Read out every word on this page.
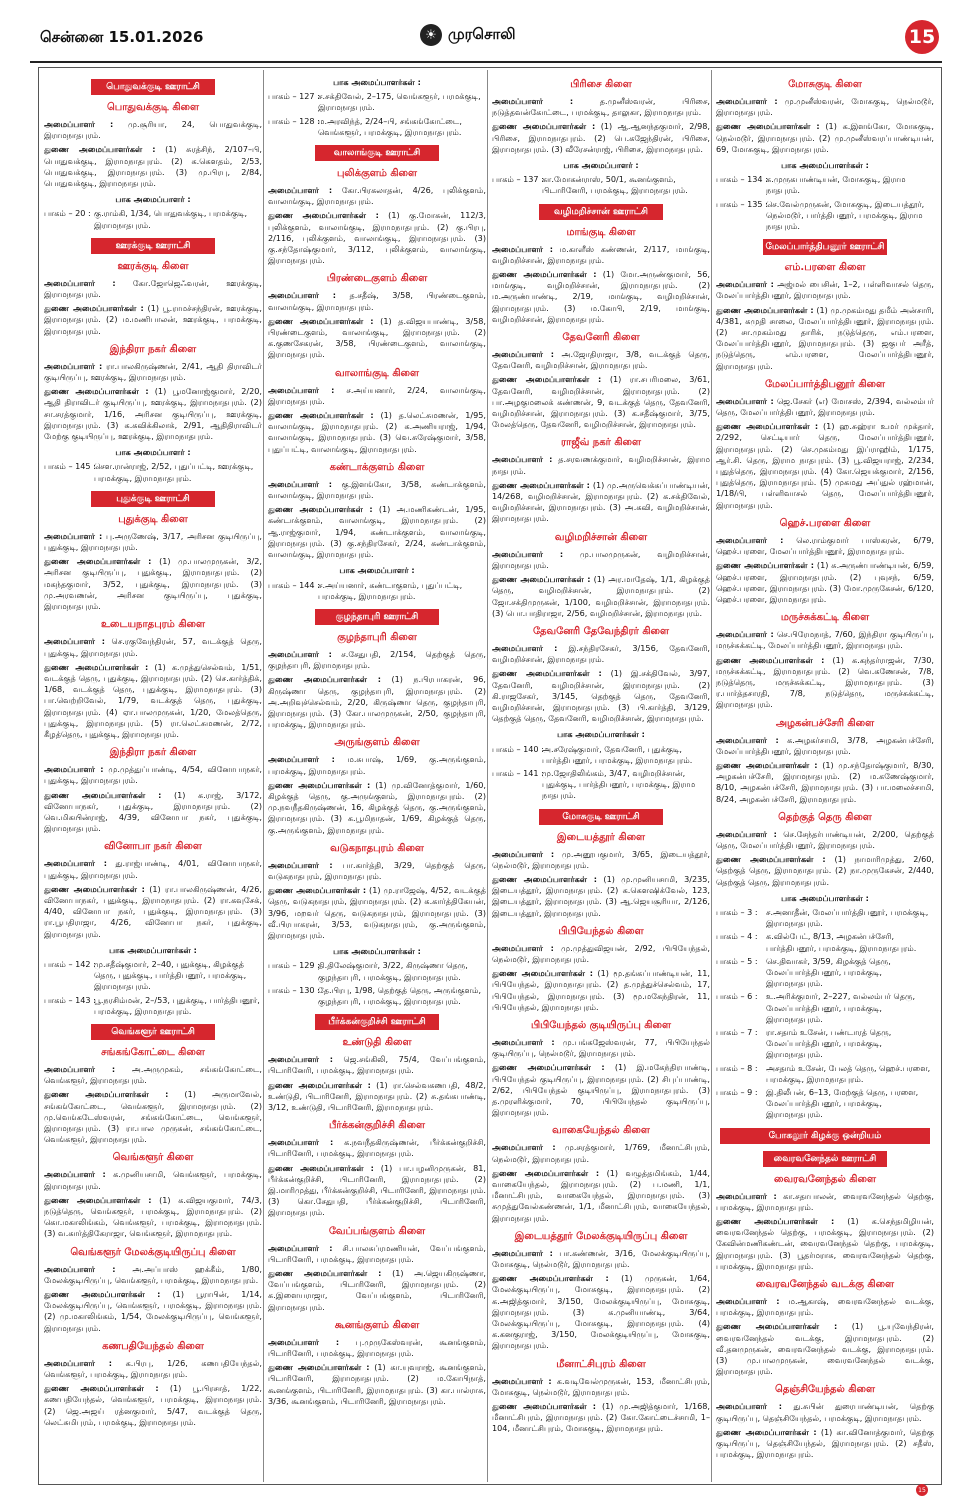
சென்னை 15.01.2026	☀ முரசொலி	15
பொதுவக்குடி ஊராட்சி
பொதுவக்குடி கிளை
அமைப்பாளர் : மு.சூரியா, 24, பொதுவக்குடி, இராமநாதபுரம்.
துணை அமைப்பாளர்கள் : (1) சுரத்சிந், 2/107–பி, பொதுவக்குடி, இராமநாதபுரம். (2) க.கௌதம், 2/53, பொதுவக்குடி, இராமநாதபுரம். (3) மு.பிரபு, 2/84, பொதுவக்குடி, இராமநாதபுரம்.
பாக அமைப்பாளர் :
பாகம் – 20 : கு.ராம்கி, 1/34, பொதுவக்குடி, பரமக்குடி, இராமநாதபுரம்.
ஊரக்குடி ஊராட்சி
ஊரக்குடி கிளை
அமைப்பாளர் : கோ.ஜோஜெஃவரன், ஊரக்குடி, இராமநாதபுரம்.
துணை அமைப்பாளர்கள் : (1) பூ.ராமச்சந்திரன், ஊரக்குடி, இராமநாதபுரம். (2) ம.மணிபாலன், ஊரக்குடி, பரமக்குடி, இராமநாதபுரம்.
இந்திரா நகர் கிளை
அமைப்பாளர் : ரா.பாலகிருஷ்ணன், 2/41, ஆதி திராவிடர் குடியிருப்பு, ஊரக்குடி, இராமநாதபுரம்.
துணை அமைப்பாளர்கள் : (1) பூமனோஜ்குமார், 2/20, ஆதி திராவிடர் குடியிருப்பு, ஊரக்குடி, இராமநாதபுரம். (2) சா.சரத்குமார், 1/16, அரிசன குடியிருப்பு, ஊரக்குடி, இராமநாதபுரம். (3) க.கவிக்கிலாக், 2/91, ஆதிதிராவிடர் மேற்கு குடியிருப்பு, ஊரக்குடி, இராமநாதபுரம்.
பாக அமைப்பாளர் :
பாகம் – 145 :
சௌ.ரான்ராஜ், 2/52, புதுப்பட்டி, ஊரக்குடி, பரமக்குடி, இராமநாதபுரம்.
புதுக்குடி ஊராட்சி
புதுக்குடி கிளை
அமைப்பாளர் : பு.அருணேஷ், 3/17, அரிசன குடியிருப்பு, புதுக்குடி, இராமநாதபுரம்.
துணை அமைப்பாளர்கள் : (1) மு.பாலமுருகன், 3/2, அரிசன குடியிருப்பு, புதுக்குடி, இராமநாதபுரம். (2) மகந்தகுமார், 3/52, புதுக்குடி, இராமநாதபுரம். (3) மு.அரவணன், அரிசன குடியிருப்பு, புதுக்குடி, இராமநாதபுரம்.
உடையநாதபுரம் கிளை
அமைப்பாளர் : செ.ரகுவேந்திரன், 57, வடக்குத் தெரு, புதுக்குடி, இராமநாதபுரம்.
துணை அமைப்பாளர்கள் : (1) க.முத்துசெல்வம், 1/51, வடக்குத் தெரு, புதுக்குடி, இராமநாதபுரம். (2) செ.கார்த்திக், 1/68, வடக்குத் தெரு, புதுக்குடி, இராமநாதபுரம். (3) பா.வெற்றிவேல், 1/79, வடக்குத் தெரு, புதுக்குடி, இராமநாதபுரம். (4) ஏா.பாலமுருகன், 1/20, மேலத்தெரு, புதுக்குடி, இராமநாதபுரம். (5) ரா.லெட்சுமணன், 2/72, கீழத்தெரு, புதுக்குடி, இராமநாதபுரம்.
இந்திரா நகர் கிளை
அமைப்பாளர் : மு.முத்துப்பாண்டி, 4/54, வினோபாநகர், புதுக்குடி, இராமநாதபுரம்.
துணை அமைப்பாளர்கள் : (1) க.ராஜ், 3/172, வினோபாநகர், புதுக்குடி, இராமநாதபுரம். (2) வெ.மிகயின்ராஜ், 4/39, வினோபா நகர், புதுக்குடி, இராமநாதபுரம்.
வினோபா நகர் கிளை
அமைப்பாளர் : து.ராஜ்பாண்டி, 4/01, வினோபாநகர், புதுக்குடி, இராமநாதபுரம்.
துணை அமைப்பாளர்கள் : (1) ரா.பாலகிருஷ்ணன், 4/26, வினோபாநகர், புதுக்குடி, இராமநாதபுரம். (2) ரா.கவுசேக், 4/40, வினோபா நகர், புதுக்குடி, இராமநாதபுரம். (3) ரா.பூபதிராஜா, 4/26, வினோபா நகர், புதுக்குடி, இராமநாதபுரம்.
பாக அமைப்பாளர்கள் :
பாகம் – 142 :
மு.சதீஷ்குமார், 2–40, புதுக்குடி, கிழக்குத் தெரு, புதுக்குடி, பார்த்திபனூர், பரமக்குடி, இராமநாதபுரம்.
பாகம் – 143 :
பூ.நரசிம்மன், 2–/53, புதுக்குடி, பார்த்திபனூர், பரமக்குடி, இராமநாதபுரம்.
வெங்களூர் ஊராட்சி
சங்கங்கோட்டை கிளை
அமைப்பாளர் : அ.அருமுகம், சங்கங்கோட்டை, வெங்களூர், இராமநாதபுரம்.
துணை அமைப்பாளர்கள் : (1) அருமாவேல், சங்கங்கோட்டை, வெங்களூர், இராமநாதபுரம். (2) மு.வெங்கடேஸ்வரன், சங்கங்கோட்டை, வெங்களூர், இராமநாதபுரம். (3) ரா.பால முருகன், சங்கங்கோட்டை, வெங்களூர், இராமநாதபுரம்.
வெங்களூர் கிளை
அமைப்பாளர் : க.முனியசாமி, வெங்களூர், பரமக்குடி, இராமநாதபுரம்.
துணை அமைப்பாளர்கள் : (1) க.விஜயகுமார், 74/3, நடுத்தெரு, வெங்களூர், பரமக்குடி, இராமநாதபுரம். (2) கொ.மகாலிங்கம், வெங்களூர், பரமக்குடி, இராமநாதபுரம். (3) வ.கார்த்திகேராஜா, வெங்களூர், இராமநாதபுரம்.
வெங்களூர் மேலக்குடியிருப்பு கிளை
அமைப்பாளர் : அ.அப்பாஸ் ஹக்கீம், 1/80, மேலக்குடியிருப்பு, வெங்களூர், பரமக்குடி, இராமநாதபுரம்.
துணை அமைப்பாளர்கள் : (1) பூராபின், 1/14, மேலக்குடியிருப்பு, வெங்களூர், பரமக்குடி, இராமநாதபுரம். (2) மு.மகாலிங்கம், 1/54, மேலக்குடியிருப்பு, வெங்களூர், இராமநாதபுரம்.
கணபதியேந்தல் கிளை
அமைப்பாளர் : க.பிரபு, 1/26, கணபதியேந்தல், வெங்களூர், பரமக்குடி, இராமநாதபுரம்.
துணை அமைப்பாளர்கள் : (1) பூ.பிரசாத், 1/22, கணபதியேந்தல், வெங்களூர், பரமக்குடி, இராமநாதபுரம். (2) ஜெ.அஜய் ரத்னகுமார், 5/47, வடக்குத் தெரு, லெட்சுமிபுரம், பரமக்குடி, இராமநாதபுரம்.
பாக அமைப்பாளர்கள் :
பாகம் – 127 :
ச.சக்திவேல், 2–175, வெங்களூர், பரமக்குடி, இராமநாதபுரம்.
பாகம் – 128 :
ம.அரவிந்த், 2/24–பி, சங்கங்கோட்டை, வெங்களூர், பரமக்குடி, இராமநாதபுரம்.
வாலாங்குடி ஊராட்சி
புலிக்குளம் கிளை
அமைப்பாளர் : கோ.பிரகலாதன், 4/26, புலிக்குளம், வாலாங்குடி, இராமநாதபுரம்.
துணை அமைப்பாளர்கள் : (1) கு.மோகன், 112/3, புலிக்குளம், வாலாங்குடி, இராமநாதபுரம். (2) கு.பிரபு, 2/116, புலிக்குளம், வாலாங்குடி, இராமநாதபுரம். (3) கு.சந்தோஷ்குமார், 3/112, புலிக்குளம், வாலாங்குடி, இராமநாதபுரம்.
பிரண்டைகுளம் கிளை
அமைப்பாளர் : த.சதீஷ், 3/58, பிரண்டைகுளம், வாலாங்குடி, இராமநாதபுரம்.
துணை அமைப்பாளர்கள் : (1) த.விஜயபாண்டி, 3/58, பிரண்டைகுளம், வாலாங்குடி, இராமநாதபுரம். (2) க.குணசேகரன், 3/58, பிரண்டைகுளம், வாலாங்குடி, இராமநாதபுரம்.
வாலாங்குடி கிளை
அமைப்பாளர் : ச.அய்யனார், 2/24, வாலாங்குடி, இராமநாதபுரம்.
துணை அமைப்பாளர்கள் : (1) த.லெட்சுமணன், 1/95, வாலாங்குடி, இராமநாதபுரம். (2) க.அணியராஜ், 1/94, வாலாங்குடி, இராமநாதபுரம். (3) வெ.சுரேஷ்குமார், 3/58, புதுப்பட்டி, வாலாங்குடி, இராமநாதபுரம்.
கண்டாக்குளம் கிளை
அமைப்பாளர் : கு.இளங்கோ, 3/58, கண்டாக்குளம், வாலாங்குடி, இராமநாதபுரம்.
துணை அமைப்பாளர்கள் : (1) அ.மணிகண்டன், 1/95, கண்டாக்குளம், வாலாங்குடி, இராமநாதபுரம். (2) ஆ.ராஜ்குமார், 1/94, கண்டாக்குளம், வாலாங்குடி, இராமநாதபுரம். (3) கு.சந்திரசேகர், 2/24, கண்டாக்குளம், வாலாங்குடி, இராமநாதபுரம்.
பாக அமைப்பாளர் :
பாகம் – 144 :
ச.அய்யனார், கண்டாகுளம், புதுப்பட்டி, பரமக்குடி, இராமநாதபுரம்.
குழந்தாபுரி ஊராட்சி
குழந்தாபுரி கிளை
அமைப்பாளர் : ச.சேதுபதி, 2/154, தெற்குத் தெரு, குழந்தாபுரி, இராமநாதபுரம்.
துணை அமைப்பாளர்கள் : (1) ந.பிரபாகரன், 96, கிருஷ்ணா தெரு, குழந்தாபுரி, இராமநாதபுரம். (2) அ.அறிவுச்செல்வம், 2/20, கிருஷ்ணா தெரு, குழந்தாபுரி, இராமநாதபுரம். (3) கோ.பாலமுருகன், 2/50, குழந்தாபுரி, பரமக்குடி, இராமநாதபுரம்.
அருங்குளம் கிளை
அமைப்பாளர் : ம.சுபாஷ், 1/69, கு.அருங்குளம், பரமக்குடி, இராமநாதபுரம்.
துணை அமைப்பாளர்கள் : (1) மு.வினோத்குமார், 1/60, கிழக்குத் தெரு, கு.அருங்குளம், இராமநாதபுரம். (2) மு.நவநீதகிருஷ்ணன், 16, கிழக்குத் தெரு, கு.அருங்குளம், இராமநாதபுரம். (3) க.பூமிநாதன், 1/69, கிழக்குத் தெரு, கு.அருங்குளம், இராமநாதபுரம்.
வடுகநாதபுரம் கிளை
அமைப்பாளர் : பா.கார்த்தி, 3/29, தெற்குத் தெரு, வடுகநாதபுரம், இராமநாதபுரம்.
துணை அமைப்பாளர்கள் : (1) மு.ராஜேஷ், 4/52, வடக்குத் தெரு, வடுகநாதபுரம், இராமநாதபுரம். (2) க.கார்த்திகேயன், 3/96, மறவர் தெரு, வடுகநாதபுரம், இராமநாதபுரம். (3) வீ.பிரபாகரன், 3/53, வடுகநாதபுரம், கு.அருங்குளம், இராமநாதபுரம்.
பாக அமைப்பாளர்கள் :
பாகம் – 129 :
தி.திலேஷ்குமார், 3/22, கிருஷ்ணா தெரு, குழந்தாபுரி, பரமக்குடி, இராமநாதபுரம்.
பாகம் – 130 :
தே.பிரபு, 1/98, தெற்குத் தெரு, அருங்குளம், குழந்தாபுரி, பரமக்குடி, இராமநாதபுரம்.
பீர்க்கன்குறிச்சி ஊராட்சி
உண்டுதி கிளை
அமைப்பாளர் : ஜெ.சங்கிலி, 75/4, வேப்பங்குளம், பிடாரினேரி, பரமக்குடி, இராமநாதபுரம்.
துணை அமைப்பாளர்கள் : (1) ரா.செல்வகணபதி, 48/2, உண்டுதி, பிடாரினேரி, இராமநாதபுரம். (2) சு.தங்கபாண்டி, 3/12, உண்டுதி, பிடாரினேரி, இராமநாதபுரம்.
பீர்க்கன்குறிச்சி கிளை
அமைப்பாளர் : க.நவநீதகிருஷ்ணன், பீர்க்கன்குறிச்சி, பிடாரினேரி, பரமக்குடி, இராமநாதபுரம்.
துணை அமைப்பாளர்கள் : (1) பா.பழனிமுருகன், 81, பீர்க்கன்குறிச்சி, பிடாரினேரி, இராமநாதபுரம். (2) இ.மாரிமுத்து, பீர்க்கன்குறிச்சி, பிடாரினேரி, இராமநாதபுரம். (3) கொ.சேதுபதி, பீர்க்கன்குறிச்சி, பிடாரினேரி, இராமநாதபுரம்.
வேப்பங்குளம் கிளை
அமைப்பாளர் : சி.பாலசுப்ரமணியன், வேப்பங்குளம், பிடாரினேரி, பரமக்குடி, இராமநாதபுரம்.
துணை அமைப்பாளர்கள் : (1) அ.ஜெயகிருஷ்ணா, வேப்பங்குளம், பிடாரினேரி, இராமநாதபுரம். (2) க.இளையராஜா, வேப்பங்குளம், பிடாரினேரி, இராமநாதபுரம்.
கூனங்குளம் கிளை
அமைப்பாளர் : பு.முருகேஸ்வரன், கூனங்குளம், பிடாரினேரி, பரமக்குடி, இராமநாதபுரம்.
துணை அமைப்பாளர்கள் : (1) கா.யுவராஜ், கூனங்குளம், பிடாரினேரி, இராமநாதபுரம். (2) ம.கோபிநாத், கூனங்குளம், பிடாரினேரி, இராமநாதபுரம். (3) கா.பால்ராசு, 3/36, கூனங்குளம், பிடாரினேரி, இராமநாதபுரம்.
பிரிசை கிளை
அமைப்பாளர் :	த.முனீஸ்வரன், பிரிசை, நடுத்தவன்கோட்டை, பரமக்குடி, தாலுகா, இராமநாதபுரம்.
துணை அமைப்பாளர்கள் : (1) ஆ.ஆனந்தகுமார், 2/98, பிரிசை, இராமநாதபுரம். (2) பெ.கஜேந்திரன், பிரிசை, இராமநாதபுரம். (3) வீரேசன்ராஜ், பிரிசை, இராமநாதபுரம்.
பாக அமைப்பாளர் :
பாகம் – 137 :
கா.மோகன்ராஸ், 50/1, கூனங்குளம், பிடாரினேரி, பரமக்குடி, இராமநாதபுரம்.
வழிமறிச்சான் ஊராட்சி
மாங்குடி கிளை
அமைப்பாளர் : ம.காளீஸ் கண்ணன், 2/117, மாங்குடி, வழிமறிச்சான், இராமநாதபுரம்.
துணை அமைப்பாளர்கள் : (1) மோ.அருண்குமார், 56, மாங்குடி, வழிமறிச்சான், இராமநாதபுரம். (2) ம.அருண்பாண்டி, 2/19, மாங்குடி, வழிமறிச்சான், இராமநாதபுரம். (3) ம.கோபி, 2/19, மாங்குடி, வழிமறிச்சான், இராமநாதபுரம்.
தேவனேரி கிளை
அமைப்பாளர் : அ.ஜோதிராஜா, 3/8, வடக்குத் தெரு, தேவனேரி, வழிமறிச்சான், இராமநாதபுரம்.
துணை அமைப்பாளர்கள் : (1) ரா.சபரிமலை, 3/61, தேவனேரி, வழிமறிச்சான், இராமநாதபுரம். (2) பா.அழகுமலைக் கண்ணன், 9, வடக்குத் தெரு, தேவனேரி, வழிமறிச்சான், இராமநாதபுரம். (3) க.சதீஷ்குமார், 3/75, மேலத்தெரு, தேவனேரி, வழிமறிச்சான், இராமநாதபுரம்.
ராஜீவ் நகர் கிளை
அமைப்பாளர் : த.சரவணக்குமார், வழிமறிச்சான், இராம நாதபுரம்.
துணை அமைப்பாளர்கள் : (1) மு.அருவெக்கப்பாண்டியன், 14/268, வழிமறிச்சான், இராமநாதபுரம். (2) க.சக்திவேல், வழிமறிச்சான், இராமநாதபுரம். (3) அ.கவி, வழிமறிச்சான், இராமநாதபுரம்.
வழிமறிச்சான் கிளை
அமைப்பாளர் : மு.பாலமுருகன், வழிமறிச்சான், இராமநாதபுரம்.
துணை அமைப்பாளர்கள் : (1) அர.மாதேஷ், 1/1, கிழக்குத் தெரு, வழிமறிச்சான், இராமநாதபுரம். (2) ஜோ.சக்திமுருகன், 1/100, வழிமறிச்சான், இராமநாதபுரம். (3) பொ.பாதிராஜா, 2/56, வழிமறிச்சான், இராமநாதபுரம்.
தேவனேரி தேவேந்திரர் கிளை
அமைப்பாளர் : இ.சந்திரசேகர், 3/156, தேவனேரி, வழிமறிச்சான், இராமநாதபுரம்.
துணை அமைப்பாளர்கள் : (1) இ.சக்திவேல், 3/97, தேவனேரி, வழிமறிச்சான், இராமநாதபுரம். (2) கி.ராஜசேகர், 3/145, தெற்குத் தெரு, தேவனேரி, வழிமறிச்சான், இராமநாதபுரம். (3) பி.கார்த்தி, 3/129, தெற்குத் தெரு, தேவனேரி, வழிமறிச்சான், இராமநாதபுரம்.
பாக அமைப்பாளர்கள் :
பாகம் – 140 :
அ.சரேஷ்குமார், தேவனேரி, புதுக்குடி, பார்த்திபனூர், பரமக்குடி, இராமநாதபுரம்.
பாகம் – 141 :
மு.ஜோதிலிங்கம், 3/47, வழிமறிச்சான், புதுக்குடி, பார்த்திபனூர், பரமக்குடி, இராம நாதபுரம்.
மோசுகுடி ஊராட்சி
இடையத்தூர் கிளை
அமைப்பாளர் : மு.அனூபகுமார், 3/65, இடையத்தூர், நெல்மடூர், இராமநாதபுரம்.
துணை அமைப்பாளர்கள் : (1) மு.முனியசாமி, 3/235, இடையத்தூர், இராமநாதபுரம். (2) க.கௌஷிக்வேல், 123, இடையத்தூர், இராமநாதபுரம். (3) ஆ.ஜெயசூரியா, 2/126, இடையத்தூர், இராமநாதபுரம்.
பிபியேந்தல் கிளை
அமைப்பாளர் : மு.முத்துவிஜயன், 2/92, பிபியேந்தல், நெல்மடூர், இராமநாதபுரம்.
துணை அமைப்பாளர்கள் : (1) மூ.தங்கப்பாண்டியன், 11, பிபியேந்தல், இராமநாதபுரம். (2) த.முத்துச்செல்வம், 17, பிபியேந்தல், இராமநாதபுரம். (3) மூ.மகேந்திரன், 11, பிபியேந்தல், இராமநாதபுரம்.
பிபியேந்தல் குடியிருப்பு கிளை
அமைப்பாளர் : மு.பங்கஜேஸ்வரன், 77, பிபியேந்தல் குடியிருப்பு, நெல்மடூர், இராமநாதபுரம்.
துணை அமைப்பாளர்கள் : (1) இ.மகேந்திரபாண்டி, பிபியேந்தல் குடியிருப்பு, இராமநாதபுரம். (2) சிபுப்பாண்டி, 2/62, பிபியேந்தல் குடியிருப்பு, இராமநாதபுரம். (3) த.முரளிக்குமார், 70, பிபியேந்தல் குடியிருப்பு, இராமநாதபுரம்.
வாகையேந்தல் கிளை
அமைப்பாளர் : மு.சரத்குமார், 1/769, மீனாட்சிபுரம், நெல்மடூர், இராமநாதபுரம்.
துணை அமைப்பாளர்கள் : (1) வழுத்தமிங்கம், 1/44, வாகையேந்தல், இராமநாதபுரம். (2) ப.மணி, 1/1, மீனாட்சிபுரம், வாகையேந்தல், இராமநாதபுரம். (3) சுமுத்துவேல்கண்ணன், 1/1, மீனாட்சிபுரம், வாகையேந்தல், இராமநாதபுரம்.
இடையத்தூர் மேலக்குடியிருப்பு கிளை
அமைப்பாளர் : பா.கண்ணன், 3/16, மேலக்குடியிருப்பு, மோசுகுடி, நெல்மடூர், இராமநாதபுரம்.
துணை அமைப்பாளர்கள் : (1) முருகன், 1/64, மேலக்குடியிருப்பு, மோசுகுடி, இராமநாதபுரம். (2) க.அஜித்குமார், 3/150, மேலக்குடியிருப்பு, மோசுகுடி, இராமநாதபுரம். (3) க.முனியாண்டி, 3/64, மேலக்குடியிருப்பு, மோசுகுடி, இராமநாதபுரம். (4) க.கனகுராஜ், 3/150, மேலக்குடியிருப்பு, மோசுகுடி, இராமநாதபுரம்.
மீனாட்சிபுரம் கிளை
அமைப்பாளர் : க.வடிவேல்முருகன், 153, மீனாட்சிபுரம், மோசுகுடி, நெல்மடூர், இராமநாதபுரம்.
துணை அமைப்பாளர்கள் : (1) மு.அஜித்குமார், 1/168, மீனாட்சிபுரம், இராமநாதபுரம். (2) கோ.கோட்டைச்சாமி, 1–104, மீனாட்சிபுரம், மோசுகுடி, இராமநாதபுரம்.
மோசுகுடி கிளை
அமைப்பாளர் : மு.முனீஸ்வரன், மோசுகுடி, நெல்மடூர், இராமநாதபுரம்.
துணை அமைப்பாளர்கள் : (1) க.இளங்கோ, மோசுகுடி, நெல்மடூர், இராமநாதபுரம். (2) மு.முனீஸ்வரப்பாண்டியன், 69, மோசுகுடி, இராமநாதபுரம்.
பாக அமைப்பாளர்கள் :
பாகம் – 134 :
க.முருகபாண்டியன், மோசுகுடி, இராம நாதபுரம்.
பாகம் – 135 :
செ.வேல்முருகன், மோசுகுடி, இடையத்தூர், நெல்மடூர், பார்த்திபனூர், பரமக்குடி, இராம நாதபுரம்.
மேலப்பார்த்திபனூர் ஊராட்சி
எம்.பரளை கிளை
அமைப்பாளர் : அஜ்மல் பைசின், 1–2, பள்ளிவாசல் தெரு, மேலப்பார்த்திபனூர், இராமநாதபுரம்.
துணை அமைப்பாளர்கள் : (1) மு.முகம்மது தமீம் அன்சாரி, 4/381, கமுதி சாலை, மேலப்பார்த்திபனூர், இராமநாதபுரம். (2) சா.முகம்மது தாரிக், நடுத்தெரு, எம்.பரளை, மேலப்பார்த்திபனூர், இராமநாதபுரம். (3) ஜகுபர் அரீத், நடுத்தெரு, எம்.பரளை, மேலப்பார்த்திபனூர், இராமநாதபுரம்.
மேலப்பார்த்திபனூர் கிளை
அமைப்பாளர் : ஜெ.சேகர் (எ) மோசஸ், 2/394, வல்லம்பர் தெரு, மேலப்பார்த்திபனூர், இராமநாதபுரம்.
துணை அமைப்பாளர்கள் : (1) ஹ.சுஹ்ரா உமர் முக்தார், 2/292, செட்டியார் தெரு, மேலப்பார்த்திபனூர், இராமநாதபுரம். (2) செ.முகம்மது இப்ராஹிம், 1/175, ஆர்.சி. தெரு, இராம நாதபுரம். (3) பூ.விஜயராஜ், 2/234, புதுத்தெரு, இராமநாதபுரம். (4) கோ.ஜெயக்குமார், 2/156, புதுத்தெரு, இராமநாதபுரம். (5) முகமது அப்துல் ரஹ்மான், 1/18/பி, பள்ளிவாசல் தெரு, மேலப்பார்த்திபனூர், இராமநாதபுரம்.
ஹெச்.பரளை கிளை
அமைப்பாளர் : லெ.ராம்குமார் பாஸ்கரன், 6/79, ஹெச்.பரளை, மேலப்பார்த்திபனூர், இராமநாதபுரம்.
துணை அமைப்பாளர்கள் : (1) சு.அருண்பாண்டியன், 6/59, ஹெச்.பரளை, இராமநாதபுரம். (2) புவுசந், 6/59, ஹெச்.பரளை, இராமநாதபுரம். (3) மோ.முருகேசன், 6/120, ஹெச்.பரளை, இராமநாதபுரம்.
மருச்சுக்கட்டி கிளை
அமைப்பாளர் : செ.பிரேமநாத், 7/60, இந்திரா குடியிருப்பு, மருச்சுக்கட்டி, மேலப்பார்த்திபனூர், இராமநாதபுரம்.
துணை அமைப்பாளர்கள் : (1) க.கந்தர்ராஜன், 7/30, மருச்சுக்கட்டி, இராமநாதபுரம். (2) வெ.கணேசன், 7/8, நடுத்தெரு, மருச்சுக்கட்டி, இராமநாதபுரம். (3) ர.பார்த்தசாரதி, 7/8, நடுத்தெரு, மருச்சுக்கட்டி, இராமநாதபுரம்.
அழகன்பச்சேரி கிளை
அமைப்பாளர் : க.அழகர்சாமி, 3/78, அழகன்பச்சேரி, மேலப்பார்த்திபனூர், இராமநாதபுரம்.
துணை அமைப்பாளர்கள் : (1) மு.சந்தோஷ்குமார், 8/30, அழகன்பச்சேரி, இராமநாதபுரம். (2) ம.கணேஷ்குமார், 8/10, அழகன்பச்சேரி, இராமநாதபுரம். (3) பா.மலைச்சாமி, 8/24, அழகன்பச்சேரி, இராமநாதபுரம்.
தெற்குத் தெரு கிளை
அமைப்பாளர் : செ.சேந்தர்பாண்டியன், 2/200, தெற்குத் தெரு, மேலப்பார்த்திபனூர், இராமநாதபுரம்.
துணை அமைப்பாளர்கள் : (1) நாமாரிமுத்து, 2/60, தெற்குத் தெரு, இராமநாதபுரம். (2) நா.முருகேசன், 2/440, தெற்குத் தெரு, இராமநாதபுரம்.
பாக அமைப்பாளர்கள் :
பாகம் – 3 :	ச.அனாதீன், மேலப்பார்த்திபனூர், பரமக்குடி, இராமநாதபுரம்.
பாகம் – 4 :	க.வில்பேட், 8/13, அழகன்பச்சேரி, பார்த்திபனூர், பரமக்குடி, இராமநாதபுரம்.
பாகம் – 5 :	செ.திவாகர், 3/59, கிழக்குத் தெரு, மேலப்பார்த்திபனூர், பரமக்குடி, இராமநாதபுரம்.
பாகம் – 6 :	உ.அரிக்குமார், 2–227, வல்லம்பர் தெரு, மேலப்பார்த்திபனூர், பரமக்குடி, இராமநாதபுரம்.
பாகம் – 7 :	ரா.சதாம் உசேன், பண்டாரத் தெரு, மேலப்பார்த்திபனூர், பரமக்குடி, இராமநாதபுரம்.
பாகம் – 8 :	அசதாம் உசேன், பேலத் தெரு, ஹெச்.பரளை, பரமக்குடி, இராமநாதபுரம்.
பாகம் – 9 :	இ.திலீபன், 6–13, மேற்குத் தெரு, பரளை, மேலப்பார்த்திபனூர், பரமக்குடி, இராமநாதபுரம்.
போகலூர் கிழக்கு ஒன்றியம்
வைரவனேந்தல் ஊராட்சி
வைரவனேந்தல் கிளை
அமைப்பாளர் : கா.சதாபாலன், வைரவனேந்தல் தெற்கு, பரமக்குடி, இராமநாதபுரம்.
துணை அமைப்பாளர்கள் : (1) க.செந்தமிழியன், வைரவனேந்தல் தெற்கு, பரமக்குடி, இராமநாதபுரம். (2) கேவின்மணிகண்டன், வைரவனேந்தல் தெற்கு, பரமக்குடி, இராமநாதபுரம். (3) பூதர்மராசு, வைரவனேந்தல் தெற்கு, பரமக்குடி, இராமநாதபுரம்.
வைரவனேந்தல் வடக்கு கிளை
அமைப்பாளர் : ம.ஆகாஷ், வைரவனேந்தல் வடக்கு, பரமக்குடி, இராமநாதபுரம்.
துணை அமைப்பாளர்கள் : (1) பூ.யுவேந்திரன், வைரவனேந்தல் வடக்கு, இராமநாதபுரம். (2) வீ.தனமுருகன், வைரவனேந்தல் வடக்கு, இராமநாதபுரம். (3) மு.பாலமுருகன், வைரவனேந்தல் வடக்கு, இராமநாதபுரம்.
தெஞ்சியேந்தல் கிளை
அமைப்பாளர் : து.சுபின் துரைபாண்டியன், தெற்கு குடியிருப்பு, தெஞ்சியேந்தல், பரமக்குடி, இராமநாதபுரம்.
துணை அமைப்பாளர்கள் : (1) கா.வினோத்குமார், தெற்கு குடியிருப்பு, தெஞ்சியேந்தல், இராமநாதபுரம். (2) சதீஸ், பரமக்குடி, இராமநாதபுரம்.
15
